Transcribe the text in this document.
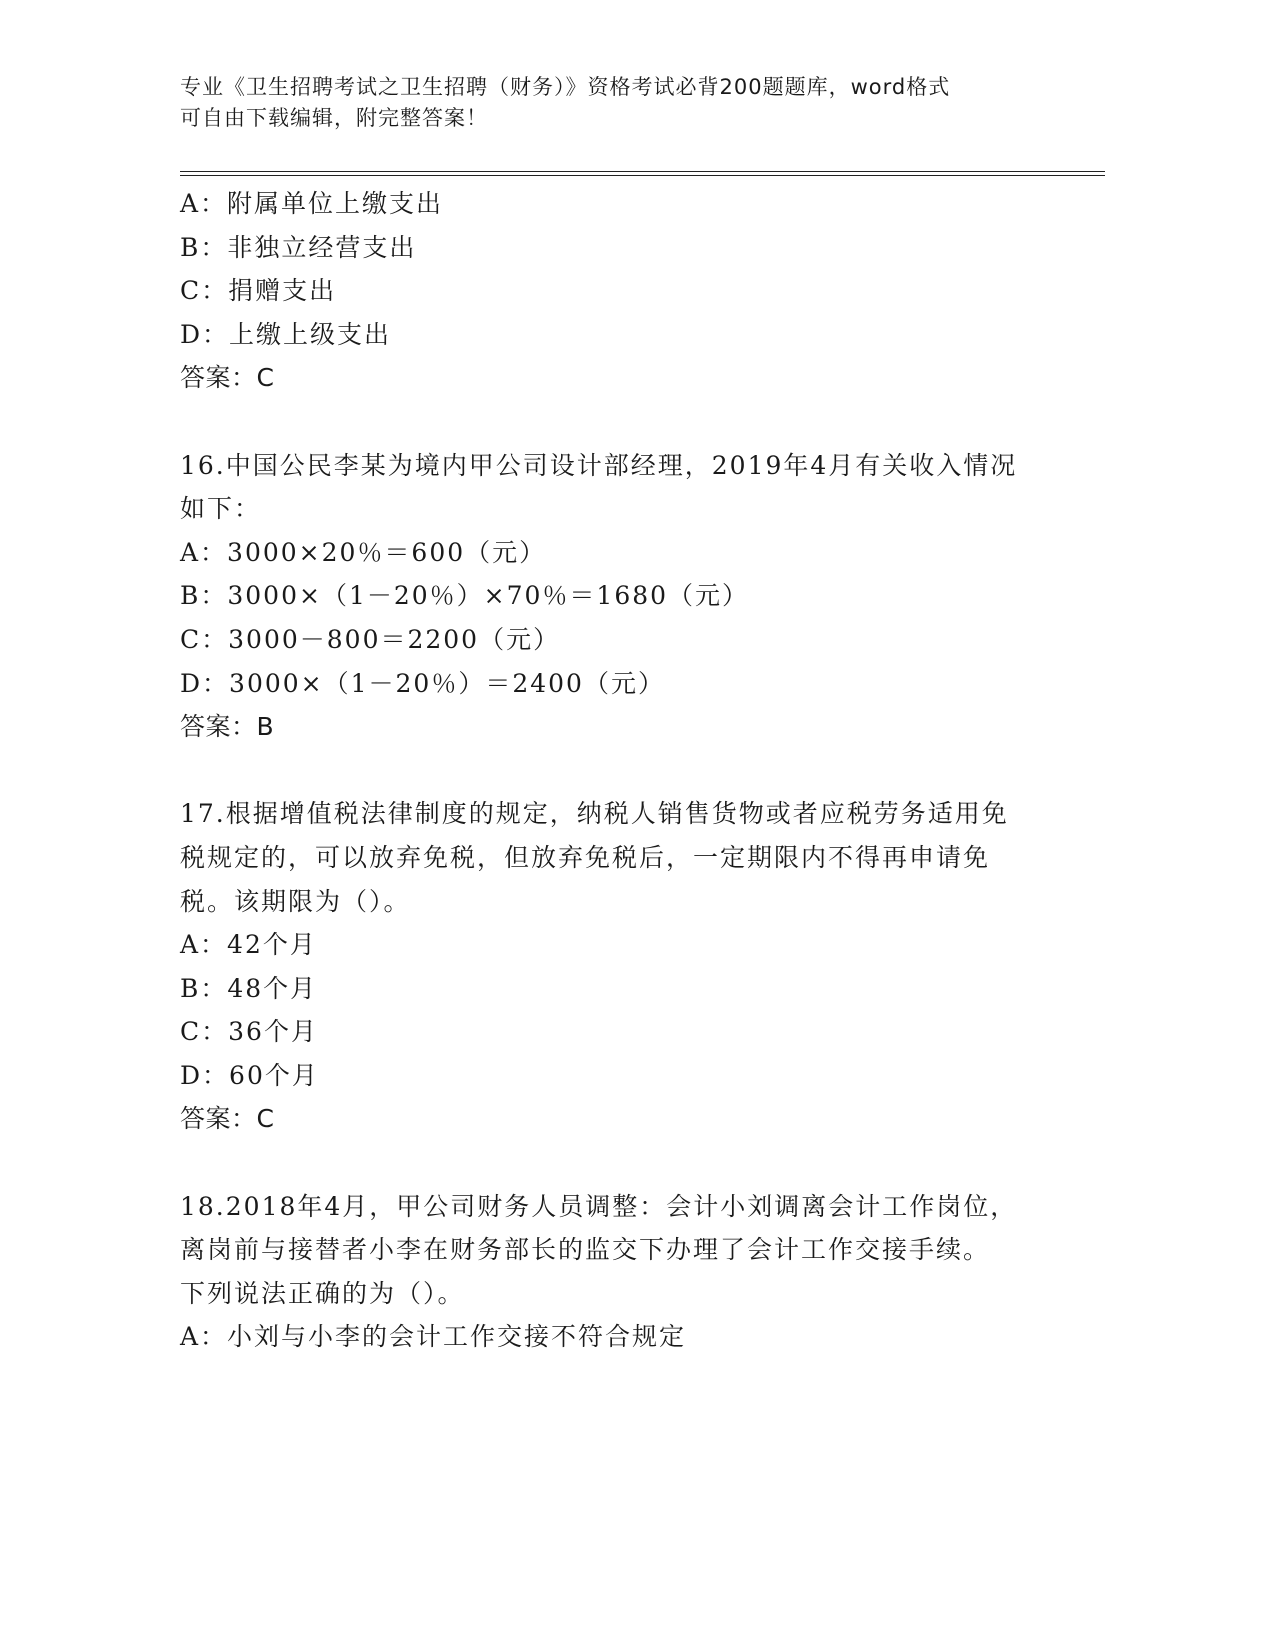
专业《卫生招聘考试之卫生招聘（财务）》资格考试必背200题题库，word格式
可自由下载编辑，附完整答案！
A：附属单位上缴支出
B：非独立经营支出
C：捐赠支出
D：上缴上级支出
答案：C
16.中国公民李某为境内甲公司设计部经理，2019年4月有关收入情况
如下：
A：3000×20％＝600（元）
B：3000×（1－20％）×70％＝1680（元）
C：3000－800＝2200（元）
D：3000×（1－20％）＝2400（元）
答案：B
17.根据增值税法律制度的规定，纳税人销售货物或者应税劳务适用免
税规定的，可以放弃免税，但放弃免税后，一定期限内不得再申请免
税。该期限为（）。
A：42个月
B：48个月
C：36个月
D：60个月
答案：C
18.2018年4月，甲公司财务人员调整：会计小刘调离会计工作岗位，
离岗前与接替者小李在财务部长的监交下办理了会计工作交接手续。
下列说法正确的为（）。
A：小刘与小李的会计工作交接不符合规定
